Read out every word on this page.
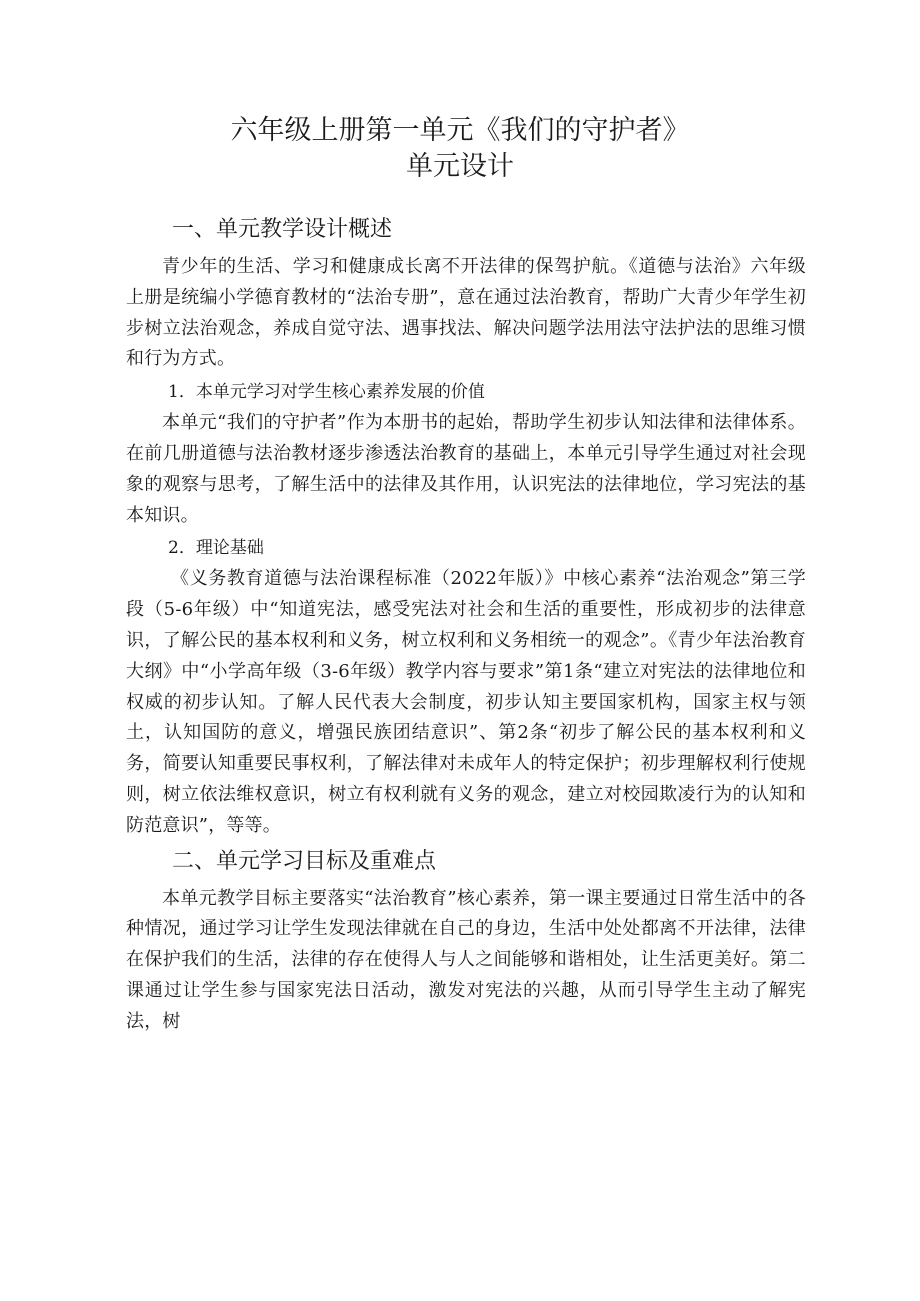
六年级上册第一单元《我们的守护者》
单元设计
一、单元教学设计概述

青少年的生活、学习和健康成长离不开法律的保驾护航。《道德与法治》六年级上册是统编小学德育教材的“法治专册”，意在通过法治教育，帮助广大青少年学生初步树立法治观念，养成自觉守法、遇事找法、解决问题学法用法守法护法的思维习惯和行为方式。

1．本单元学习对学生核心素养发展的价值

本单元“我们的守护者”作为本册书的起始，帮助学生初步认知法律和法律体系。在前几册道德与法治教材逐步渗透法治教育的基础上，本单元引导学生通过对社会现象的观察与思考，了解生活中的法律及其作用，认识宪法的法律地位，学习宪法的基本知识。

2．理论基础

《义务教育道德与法治课程标准（2022年版）》中核心素养“法治观念”第三学段（5-6年级）中“知道宪法，感受宪法对社会和生活的重要性，形成初步的法律意识，了解公民的基本权利和义务，树立权利和义务相统一的观念”。《青少年法治教育大纲》中“小学高年级（3-6年级）教学内容与要求”第1条“建立对宪法的法律地位和权威的初步认知。了解人民代表大会制度，初步认知主要国家机构，国家主权与领土，认知国防的意义，增强民族团结意识”、第2条“初步了解公民的基本权利和义务，简要认知重要民事权利，了解法律对未成年人的特定保护；初步理解权利行使规则，树立依法维权意识，树立有权利就有义务的观念，建立对校园欺凌行为的认知和防范意识”，等等。

二、单元学习目标及重难点

本单元教学目标主要落实“法治教育”核心素养，第一课主要通过日常生活中的各种情况，通过学习让学生发现法律就在自己的身边，生活中处处都离不开法律，法律在保护我们的生活，法律的存在使得人与人之间能够和谐相处，让生活更美好。第二课通过让学生参与国家宪法日活动，激发对宪法的兴趣，从而引导学生主动了解宪法，树
